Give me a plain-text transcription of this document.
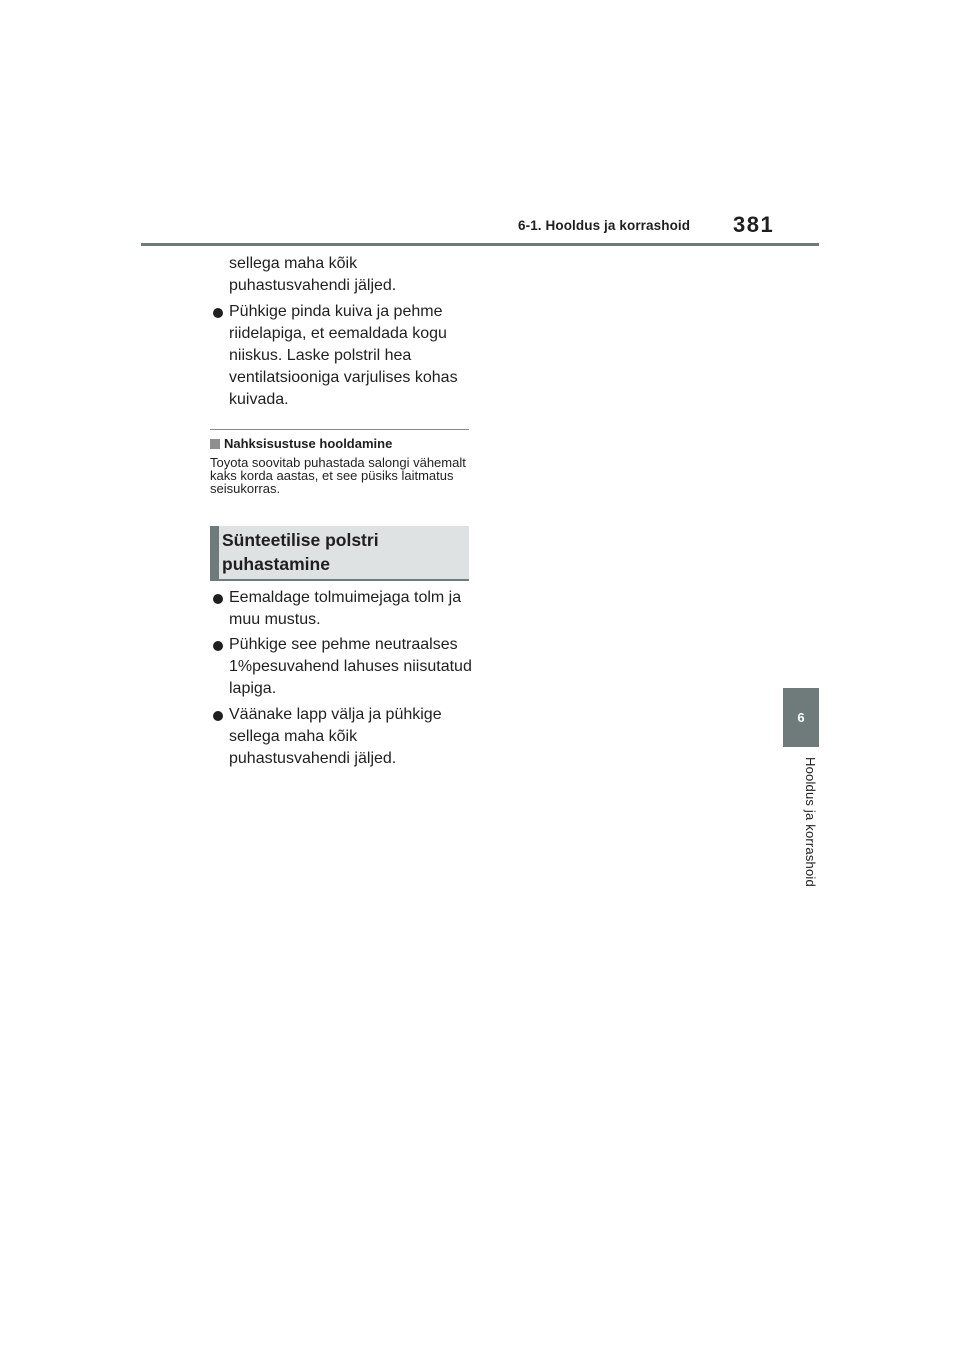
6-1. Hooldus ja korrashoid 381
6
Hooldus ja korrashoid
sellega maha kõik puhastusvahendi jäljed.
Pühkige pinda kuiva ja pehme riidelapiga, et eemaldada kogu niiskus. Laske polstril hea ventilatsiooniga varjulises kohas kuivada.
Nahksisustuse hooldamine
Toyota soovitab puhastada salongi vähemalt kaks korda aastas, et see püsiks laitmatus seisukorras.
Sünteetilise polstri puhastamine
Eemaldage tolmuimejaga tolm ja muu mustus.
Pühkige see pehme neutraalses 1%pesuvahend lahuses niisutatud lapiga.
Väänake lapp välja ja pühkige sellega maha kõik puhastusvahendi jäljed.
